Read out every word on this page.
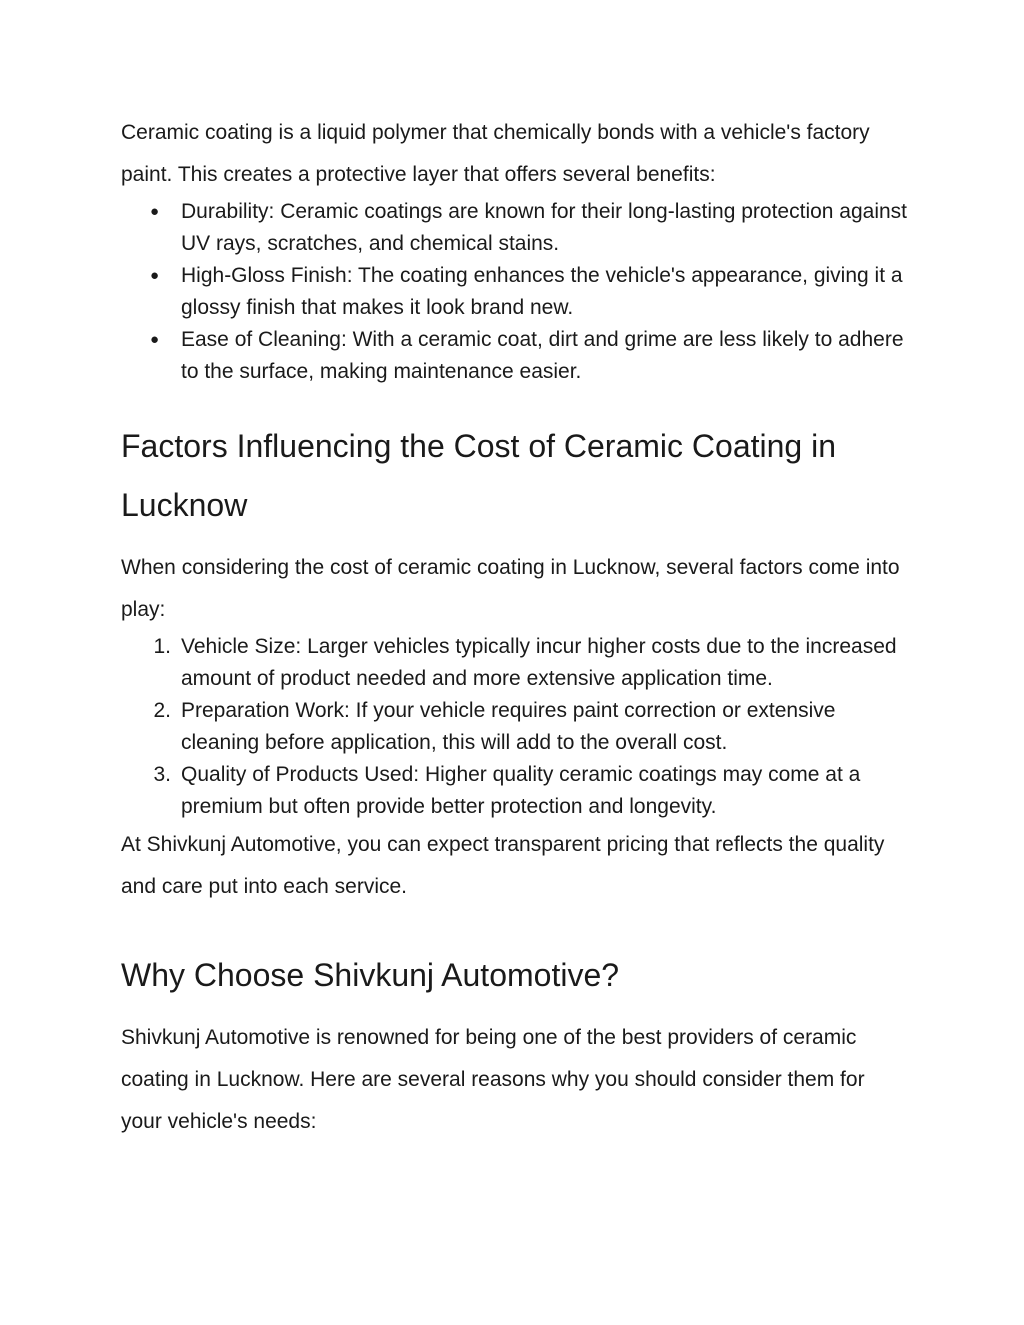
Ceramic coating is a liquid polymer that chemically bonds with a vehicle's factory paint. This creates a protective layer that offers several benefits:

● Durability: Ceramic coatings are known for their long-lasting protection against UV rays, scratches, and chemical stains.
● High-Gloss Finish: The coating enhances the vehicle's appearance, giving it a glossy finish that makes it look brand new.
● Ease of Cleaning: With a ceramic coat, dirt and grime are less likely to adhere to the surface, making maintenance easier.
Factors Influencing the Cost of Ceramic Coating in Lucknow

When considering the cost of ceramic coating in Lucknow, several factors come into play:

1. Vehicle Size: Larger vehicles typically incur higher costs due to the increased amount of product needed and more extensive application time.
2. Preparation Work: If your vehicle requires paint correction or extensive cleaning before application, this will add to the overall cost.
3. Quality of Products Used: Higher quality ceramic coatings may come at a premium but often provide better protection and longevity.

At Shivkunj Automotive, you can expect transparent pricing that reflects the quality and care put into each service.

Why Choose Shivkunj Automotive?

Shivkunj Automotive is renowned for being one of the best providers of ceramic coating in Lucknow. Here are several reasons why you should consider them for your vehicle's needs:
